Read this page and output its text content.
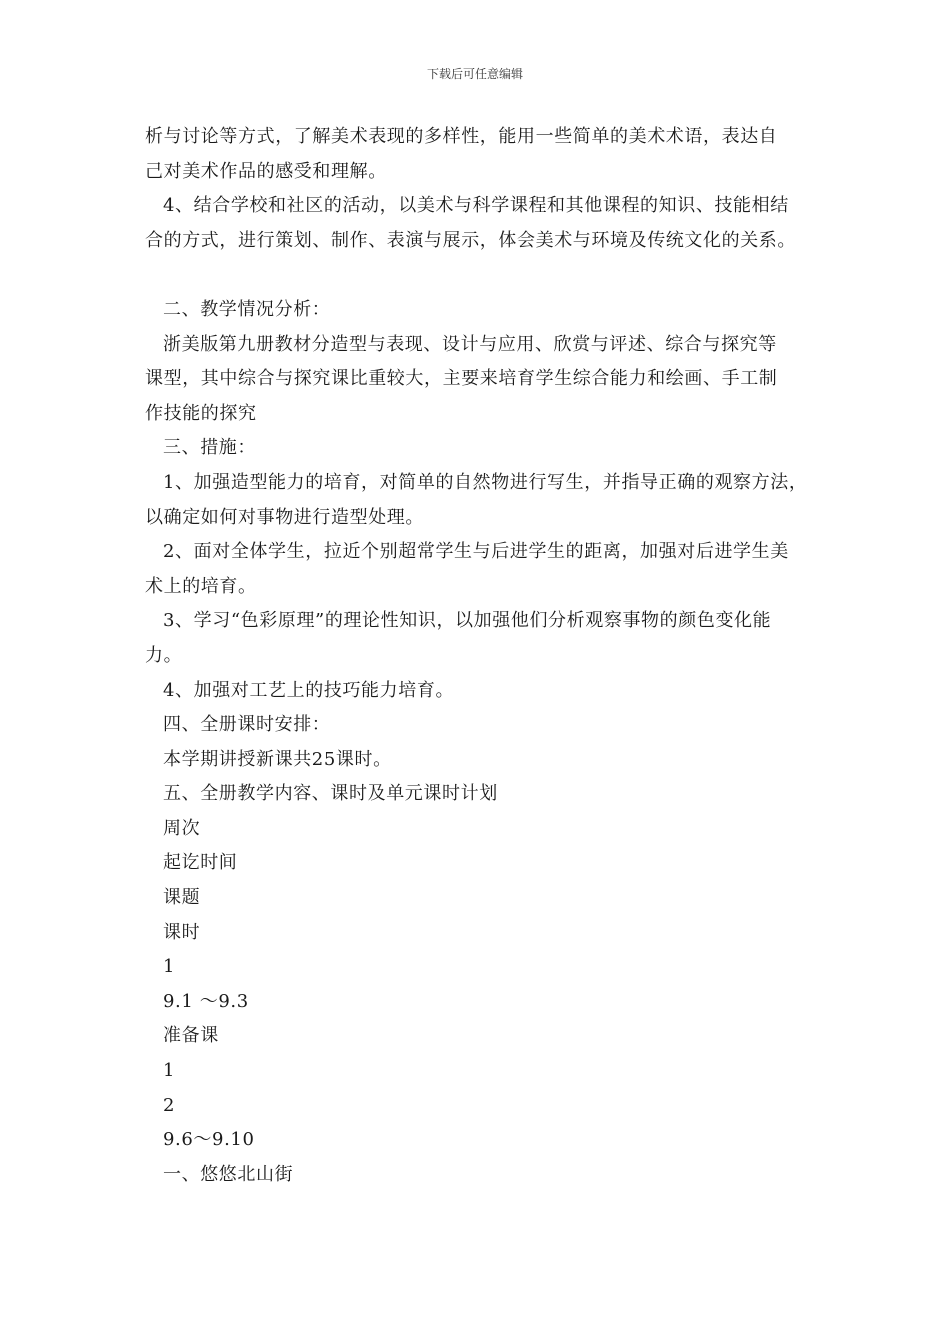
下载后可任意编辑
析与讨论等方式，了解美术表现的多样性，能用一些简单的美术术语，表达自
己对美术作品的感受和理解。
4、结合学校和社区的活动，以美术与科学课程和其他课程的知识、技能相结
合的方式，进行策划、制作、表演与展示，体会美术与环境及传统文化的关系。
二、教学情况分析：
浙美版第九册教材分造型与表现、设计与应用、欣赏与评述、综合与探究等
课型，其中综合与探究课比重较大，主要来培育学生综合能力和绘画、手工制
作技能的探究
三、措施：
1、加强造型能力的培育，对简单的自然物进行写生，并指导正确的观察方法，
以确定如何对事物进行造型处理。
2、面对全体学生，拉近个别超常学生与后进学生的距离，加强对后进学生美
术上的培育。
3、学习“色彩原理”的理论性知识，以加强他们分析观察事物的颜色变化能
力。
4、加强对工艺上的技巧能力培育。
四、全册课时安排：
本学期讲授新课共25课时。
五、全册教学内容、课时及单元课时计划
周次
起讫时间
课题
课时
1
9.1 ～9.3
准备课
1
2
9.6～9.10
一、悠悠北山街
